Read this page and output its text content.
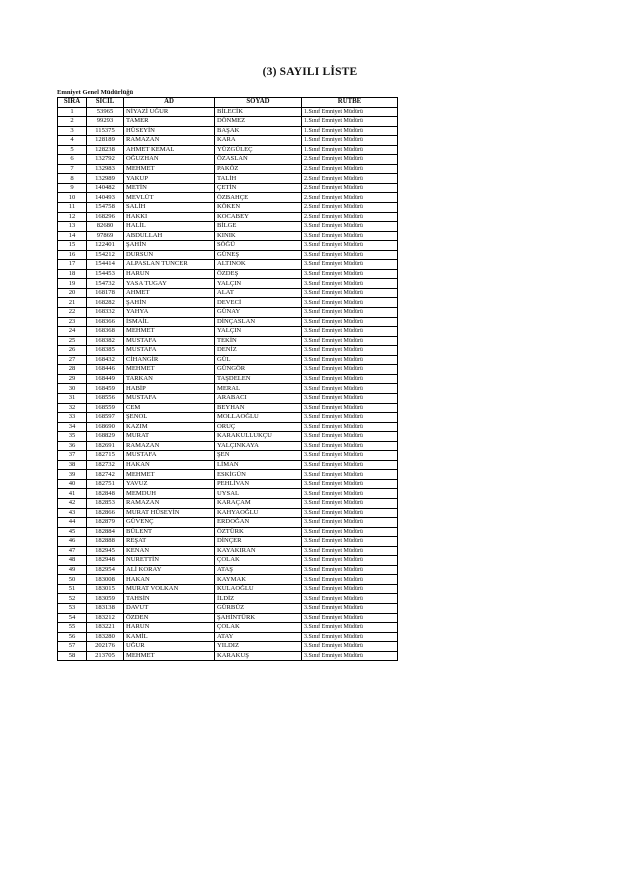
(3) SAYILI LİSTE
Emniyet Genel Müdürlüğü
SIRA	SİCİL	AD	SOYAD	RÜTBE
1	53965	NİYAZİ UĞUR	BİLECİK	1.Sınıf Emniyet Müdürü
2	99293	TAMER	DÖNMEZ	1.Sınıf Emniyet Müdürü
3	115375	HÜSEYİN	BAŞAK	1.Sınıf Emniyet Müdürü
4	128189	RAMAZAN	KARA	1.Sınıf Emniyet Müdürü
5	128238	AHMET KEMAL	YÜZGÜLEÇ	1.Sınıf Emniyet Müdürü
6	132792	OĞUZHAN	ÖZASLAN	2.Sınıf Emniyet Müdürü
7	132983	MEHMET	PAKÖZ	2.Sınıf Emniyet Müdürü
8	132989	YAKUP	TALİH	2.Sınıf Emniyet Müdürü
9	140482	METİN	ÇETİN	2.Sınıf Emniyet Müdürü
10	140493	MEVLÜT	ÖZBAHÇE	2.Sınıf Emniyet Müdürü
11	154758	SALİH	KÖKEN	2.Sınıf Emniyet Müdürü
12	168296	HAKKI	KOCABEY	2.Sınıf Emniyet Müdürü
13	82680	HALİL	BİLGE	3.Sınıf Emniyet Müdürü
14	97869	ABDULLAH	KINIK	3.Sınıf Emniyet Müdürü
15	122401	ŞAHİN	SÖĞÜ	3.Sınıf Emniyet Müdürü
16	154212	DURSUN	GÜNEŞ	3.Sınıf Emniyet Müdürü
17	154414	ALPASLAN TUNCER	ALTINOK	3.Sınıf Emniyet Müdürü
18	154453	HARUN	ÖZDEŞ	3.Sınıf Emniyet Müdürü
19	154732	YASA TUGAY	YALÇIN	3.Sınıf Emniyet Müdürü
20	168178	AHMET	ALAT	3.Sınıf Emniyet Müdürü
21	168282	ŞAHİN	DEVECİ	3.Sınıf Emniyet Müdürü
22	168332	YAHYA	GÜNAY	3.Sınıf Emniyet Müdürü
23	168366	İSMAİL	DİNÇASLAN	3.Sınıf Emniyet Müdürü
24	168368	MEHMET	YALÇIN	3.Sınıf Emniyet Müdürü
25	168382	MUSTAFA	TEKİN	3.Sınıf Emniyet Müdürü
26	168385	MUSTAFA	DENİZ	3.Sınıf Emniyet Müdürü
27	168432	CİHANGİR	GÜL	3.Sınıf Emniyet Müdürü
28	168446	MEHMET	GÜNGÖR	3.Sınıf Emniyet Müdürü
29	168449	TARKAN	TAŞDELEN	3.Sınıf Emniyet Müdürü
30	168459	HABİP	MERAL	3.Sınıf Emniyet Müdürü
31	168556	MUSTAFA	ARABACI	3.Sınıf Emniyet Müdürü
32	168559	CEM	BEYHAN	3.Sınıf Emniyet Müdürü
33	168597	ŞENOL	MOLLAOĞLU	3.Sınıf Emniyet Müdürü
34	168690	KAZIM	ORUÇ	3.Sınıf Emniyet Müdürü
35	168829	MURAT	KARAKULLUKÇU	3.Sınıf Emniyet Müdürü
36	182691	RAMAZAN	YALÇINKAYA	3.Sınıf Emniyet Müdürü
37	182715	MUSTAFA	ŞEN	3.Sınıf Emniyet Müdürü
38	182732	HAKAN	LİMAN	3.Sınıf Emniyet Müdürü
39	182742	MEHMET	ESKİGÜN	3.Sınıf Emniyet Müdürü
40	182751	YAVUZ	PEHLİVAN	3.Sınıf Emniyet Müdürü
41	182848	MEMDUH	UYSAL	3.Sınıf Emniyet Müdürü
42	182853	RAMAZAN	KARAÇAM	3.Sınıf Emniyet Müdürü
43	182866	MURAT HÜSEYİN	KAHYAOĞLU	3.Sınıf Emniyet Müdürü
44	182879	GÜVENÇ	ERDOĞAN	3.Sınıf Emniyet Müdürü
45	182884	BÜLENT	ÖZTÜRK	3.Sınıf Emniyet Müdürü
46	182888	REŞAT	DİNÇER	3.Sınıf Emniyet Müdürü
47	182945	KENAN	KAYAKIRAN	3.Sınıf Emniyet Müdürü
48	182948	NURETTİN	ÇOLAK	3.Sınıf Emniyet Müdürü
49	182954	ALİ KORAY	ATAŞ	3.Sınıf Emniyet Müdürü
50	183008	HAKAN	KAYMAK	3.Sınıf Emniyet Müdürü
51	183015	MURAT VOLKAN	KULAOĞLU	3.Sınıf Emniyet Müdürü
52	183059	TAHSİN	İLDİZ	3.Sınıf Emniyet Müdürü
53	183138	DAVUT	GÜRBÜZ	3.Sınıf Emniyet Müdürü
54	183212	ÖZDEN	ŞAHİNTÜRK	3.Sınıf Emniyet Müdürü
55	183221	HARUN	ÇOLAK	3.Sınıf Emniyet Müdürü
56	183280	KAMİL	ATAY	3.Sınıf Emniyet Müdürü
57	202176	UĞUR	YILDIZ	3.Sınıf Emniyet Müdürü
58	213705	MEHMET	KARAKUŞ	3.Sınıf Emniyet Müdürü
